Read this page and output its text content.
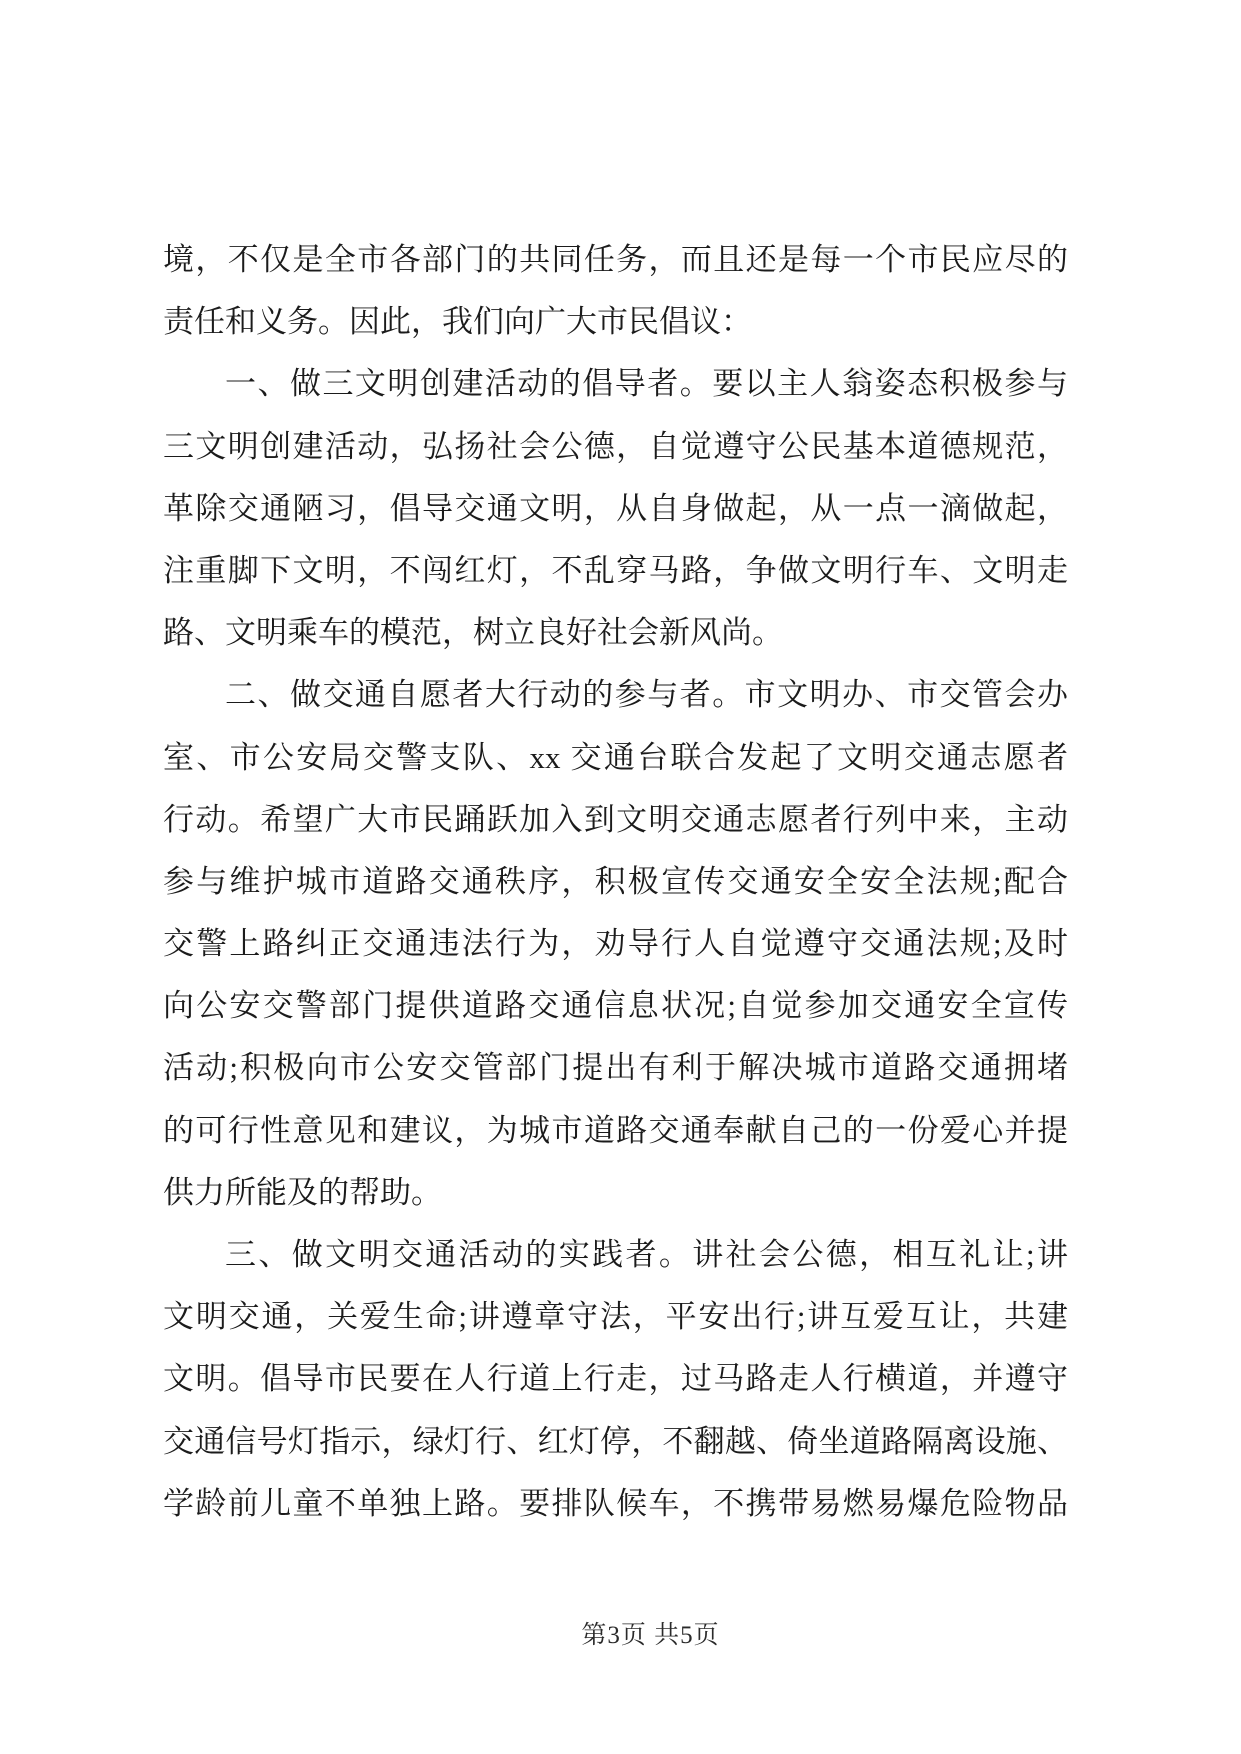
境，不仅是全市各部门的共同任务，而且还是每一个市民应尽的
责任和义务。因此，我们向广大市民倡议：
一、做三文明创建活动的倡导者。要以主人翁姿态积极参与
三文明创建活动，弘扬社会公德，自觉遵守公民基本道德规范，
革除交通陋习，倡导交通文明，从自身做起，从一点一滴做起，
注重脚下文明，不闯红灯，不乱穿马路，争做文明行车、文明走
路、文明乘车的模范，树立良好社会新风尚。
二、做交通自愿者大行动的参与者。市文明办、市交管会办
室、市公安局交警支队、xx 交通台联合发起了文明交通志愿者
行动。希望广大市民踊跃加入到文明交通志愿者行列中来，主动
参与维护城市道路交通秩序，积极宣传交通安全安全法规;配合
交警上路纠正交通违法行为，劝导行人自觉遵守交通法规;及时
向公安交警部门提供道路交通信息状况;自觉参加交通安全宣传
活动;积极向市公安交管部门提出有利于解决城市道路交通拥堵
的可行性意见和建议，为城市道路交通奉献自己的一份爱心并提
供力所能及的帮助。
三、做文明交通活动的实践者。讲社会公德，相互礼让;讲
文明交通，关爱生命;讲遵章守法，平安出行;讲互爱互让，共建
文明。倡导市民要在人行道上行走，过马路走人行横道，并遵守
交通信号灯指示，绿灯行、红灯停，不翻越、倚坐道路隔离设施、
学龄前儿童不单独上路。要排队候车，不携带易燃易爆危险物品
第3页 共5页
